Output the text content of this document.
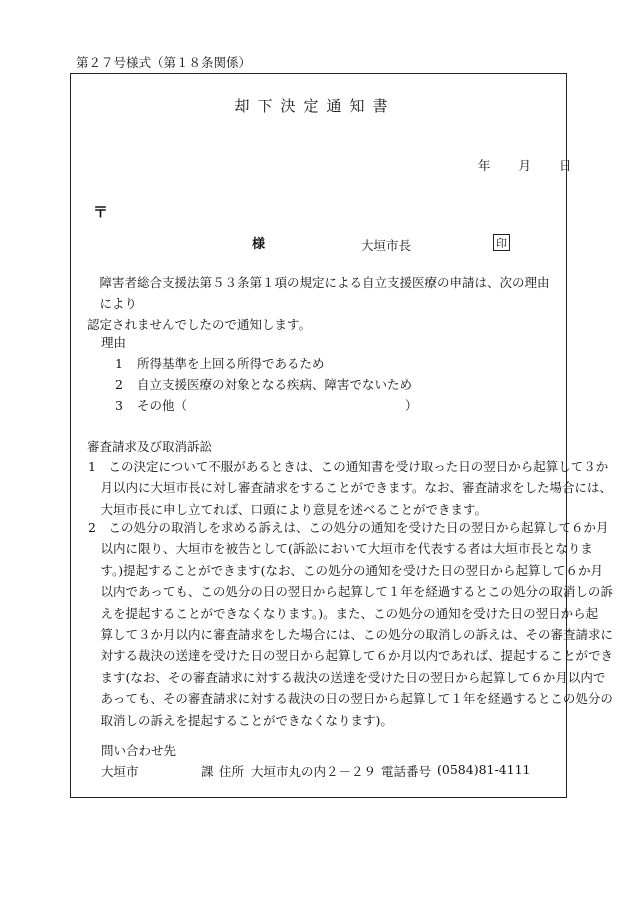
第２７号様式（第１８条関係）
却下決定通知書
年 月 日
〒
様	大垣市長	印
障害者総合支援法第５３条第１項の規定による自立支援医療の申請は、次の理由により
認定されませんでしたので通知します。
理由
1 所得基準を上回る所得であるため
2 自立支援医療の対象となる疾病、障害でないため
3 その他（	）
審査請求及び取消訴訟
1　この決定について不服があるときは、この通知書を受け取った日の翌日から起算して３か
　月以内に大垣市長に対し審査請求をすることができます。なお、審査請求をした場合には、
　大垣市長に申し立てれば、口頭により意見を述べることができます。
2　この処分の取消しを求める訴えは、この処分の通知を受けた日の翌日から起算して６か月
　以内に限り、大垣市を被告として(訴訟において大垣市を代表する者は大垣市長となりま
　す。)提起することができます(なお、この処分の通知を受けた日の翌日から起算して６か月
　以内であっても、この処分の日の翌日から起算して１年を経過するとこの処分の取消しの訴
　えを提起することができなくなります。)。また、この処分の通知を受けた日の翌日から起
　算して３か月以内に審査請求をした場合には、この処分の取消しの訴えは、その審査請求に
　対する裁決の送達を受けた日の翌日から起算して６か月以内であれば、提起することができ
　ます(なお、その審査請求に対する裁決の送達を受けた日の翌日から起算して６か月以内で
　あっても、その審査請求に対する裁決の日の翌日から起算して１年を経過するとこの処分の
　取消しの訴えを提起することができなくなります)。
問い合わせ先
大垣市	課 住所 大垣市丸の内２－２９ 電話番号 (0584)81-4111
